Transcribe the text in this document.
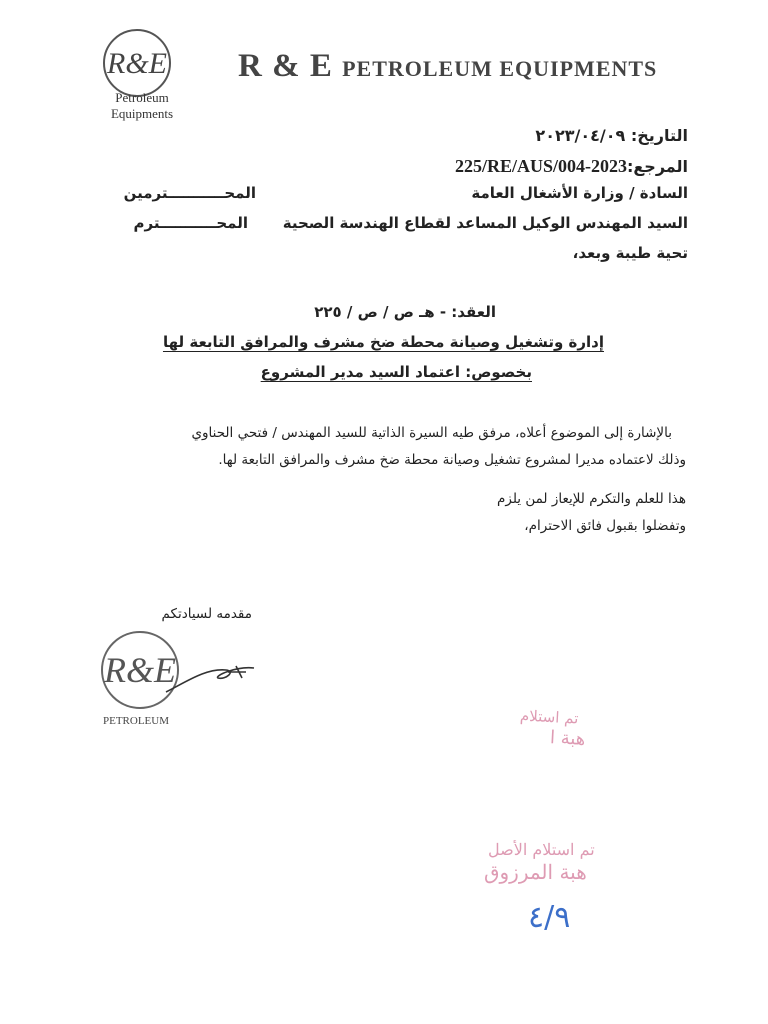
R&E
Petroleum
Equipments
R & E PETROLEUM EQUIPMENTS
التاريخ: ٢٠٢٣/٠٤/٠٩
المرجع:225/RE/AUS/004-2023
السادة / وزارة الأشغال العامة
المحـــــــــــترمين
السيد المهندس الوكيل المساعد لقطاع الهندسة الصحية
المحـــــــــــترم
تحية طيبة وبعد،
العقد: - هـ ص / ص / ٢٢٥
إدارة وتشغيل وصيانة محطة ضخ مشرف والمرافق التابعة لها
بخصوص: اعتماد السيد مدير المشروع
بالإشارة إلى الموضوع أعلاه، مرفق طيه السيرة الذاتية للسيد المهندس / فتحي الحناوي
وذلك لاعتماده مديرا لمشروع تشغيل وصيانة محطة ضخ مشرف والمرافق التابعة لها.
هذا للعلم والتكرم للإيعاز لمن يلزم
وتفضلوا بقبول فائق الاحترام،
مقدمه لسيادتكم
R&E
PETROLEUM	تم استلام
هبة ا
تم استلام الأصل
هبة المرزوق
٤/٩
